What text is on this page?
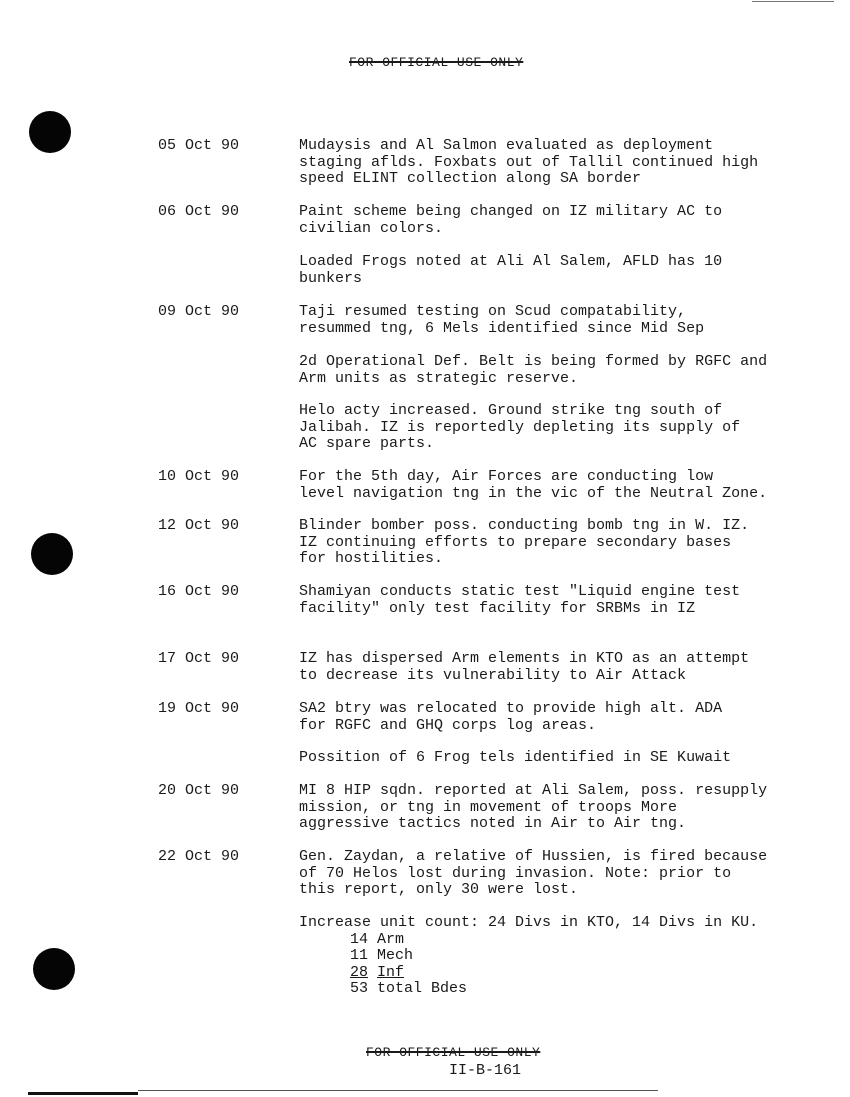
FOR OFFICIAL USE ONLY
05 Oct 90	Mudaysis and Al Salmon evaluated as deployment
staging aflds. Foxbats out of Tallil continued high
speed ELINT collection along SA border
06 Oct 90	Paint scheme being changed on IZ military AC to
civilian colors.
Loaded Frogs noted at Ali Al Salem, AFLD has 10
bunkers
09 Oct 90	Taji resumed testing on Scud compatability,
resummed tng, 6 Mels identified since Mid Sep
2d Operational Def. Belt is being formed by RGFC and
Arm units as strategic reserve.
Helo acty increased. Ground strike tng south of
Jalibah. IZ is reportedly depleting its supply of
AC spare parts.
10 Oct 90	For the 5th day, Air Forces are conducting low
level navigation tng in the vic of the Neutral Zone.
12 Oct 90	Blinder bomber poss. conducting bomb tng in W. IZ.
IZ continuing efforts to prepare secondary bases
for hostilities.
16 Oct 90	Shamiyan conducts static test "Liquid engine test
facility" only test facility for SRBMs in IZ
17 Oct 90	IZ has dispersed Arm elements in KTO as an attempt
to decrease its vulnerability to Air Attack
19 Oct 90	SA2 btry was relocated to provide high alt. ADA
for RGFC and GHQ corps log areas.
Possition of 6 Frog tels identified in SE Kuwait
20 Oct 90	MI 8 HIP sqdn. reported at Ali Salem, poss. resupply
mission, or tng in movement of troops More
aggressive tactics noted in Air to Air tng.
22 Oct 90	Gen. Zaydan, a relative of Hussien, is fired because
of 70 Helos lost during invasion. Note: prior to
this report, only 30 were lost.
Increase unit count: 24 Divs in KTO, 14 Divs in KU.
14 Arm
11 Mech
28 Inf
53 total Bdes
FOR OFFICIAL USE ONLY
II-B-161
